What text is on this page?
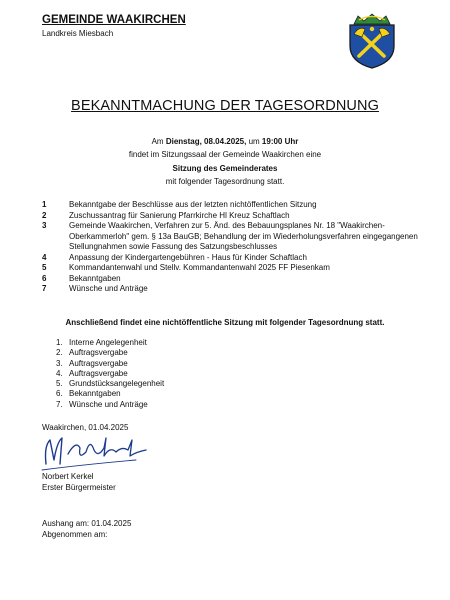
GEMEINDE WAAKIRCHEN
Landkreis Miesbach
BEKANNTMACHUNG DER TAGESORDNUNG
Am Dienstag, 08.04.2025, um 19:00 Uhr
findet im Sitzungssaal der Gemeinde Waakirchen eine
Sitzung des Gemeinderates
mit folgender Tagesordnung statt.
1	Bekanntgabe der Beschlüsse aus der letzten nichtöffentlichen Sitzung
2	Zuschussantrag für Sanierung Pfarrkirche Hl Kreuz Schaftlach
3	Gemeinde Waakirchen, Verfahren zur 5. Änd. des Bebauungsplanes Nr. 18 "Waakirchen-Oberkammerloh" gem. § 13a BauGB; Behandlung der im Wiederholungsverfahren eingegangenen Stellungnahmen sowie Fassung des Satzungsbeschlusses
4	Anpassung der Kindergartengebühren - Haus für Kinder Schaftlach
5	Kommandantenwahl und Stellv. Kommandantenwahl 2025 FF Piesenkam
6	Bekanntgaben
7	Wünsche und Anträge
Anschließend findet eine nichtöffentliche Sitzung mit folgender Tagesordnung statt.
1. Interne Angelegenheit
2. Auftragsvergabe
3. Auftragsvergabe
4. Auftragsvergabe
5. Grundstücksangelegenheit
6. Bekanntgaben
7. Wünsche und Anträge
Waakirchen, 01.04.2025
Norbert Kerkel
Erster Bürgermeister
Aushang am: 01.04.2025
Abgenommen am:
